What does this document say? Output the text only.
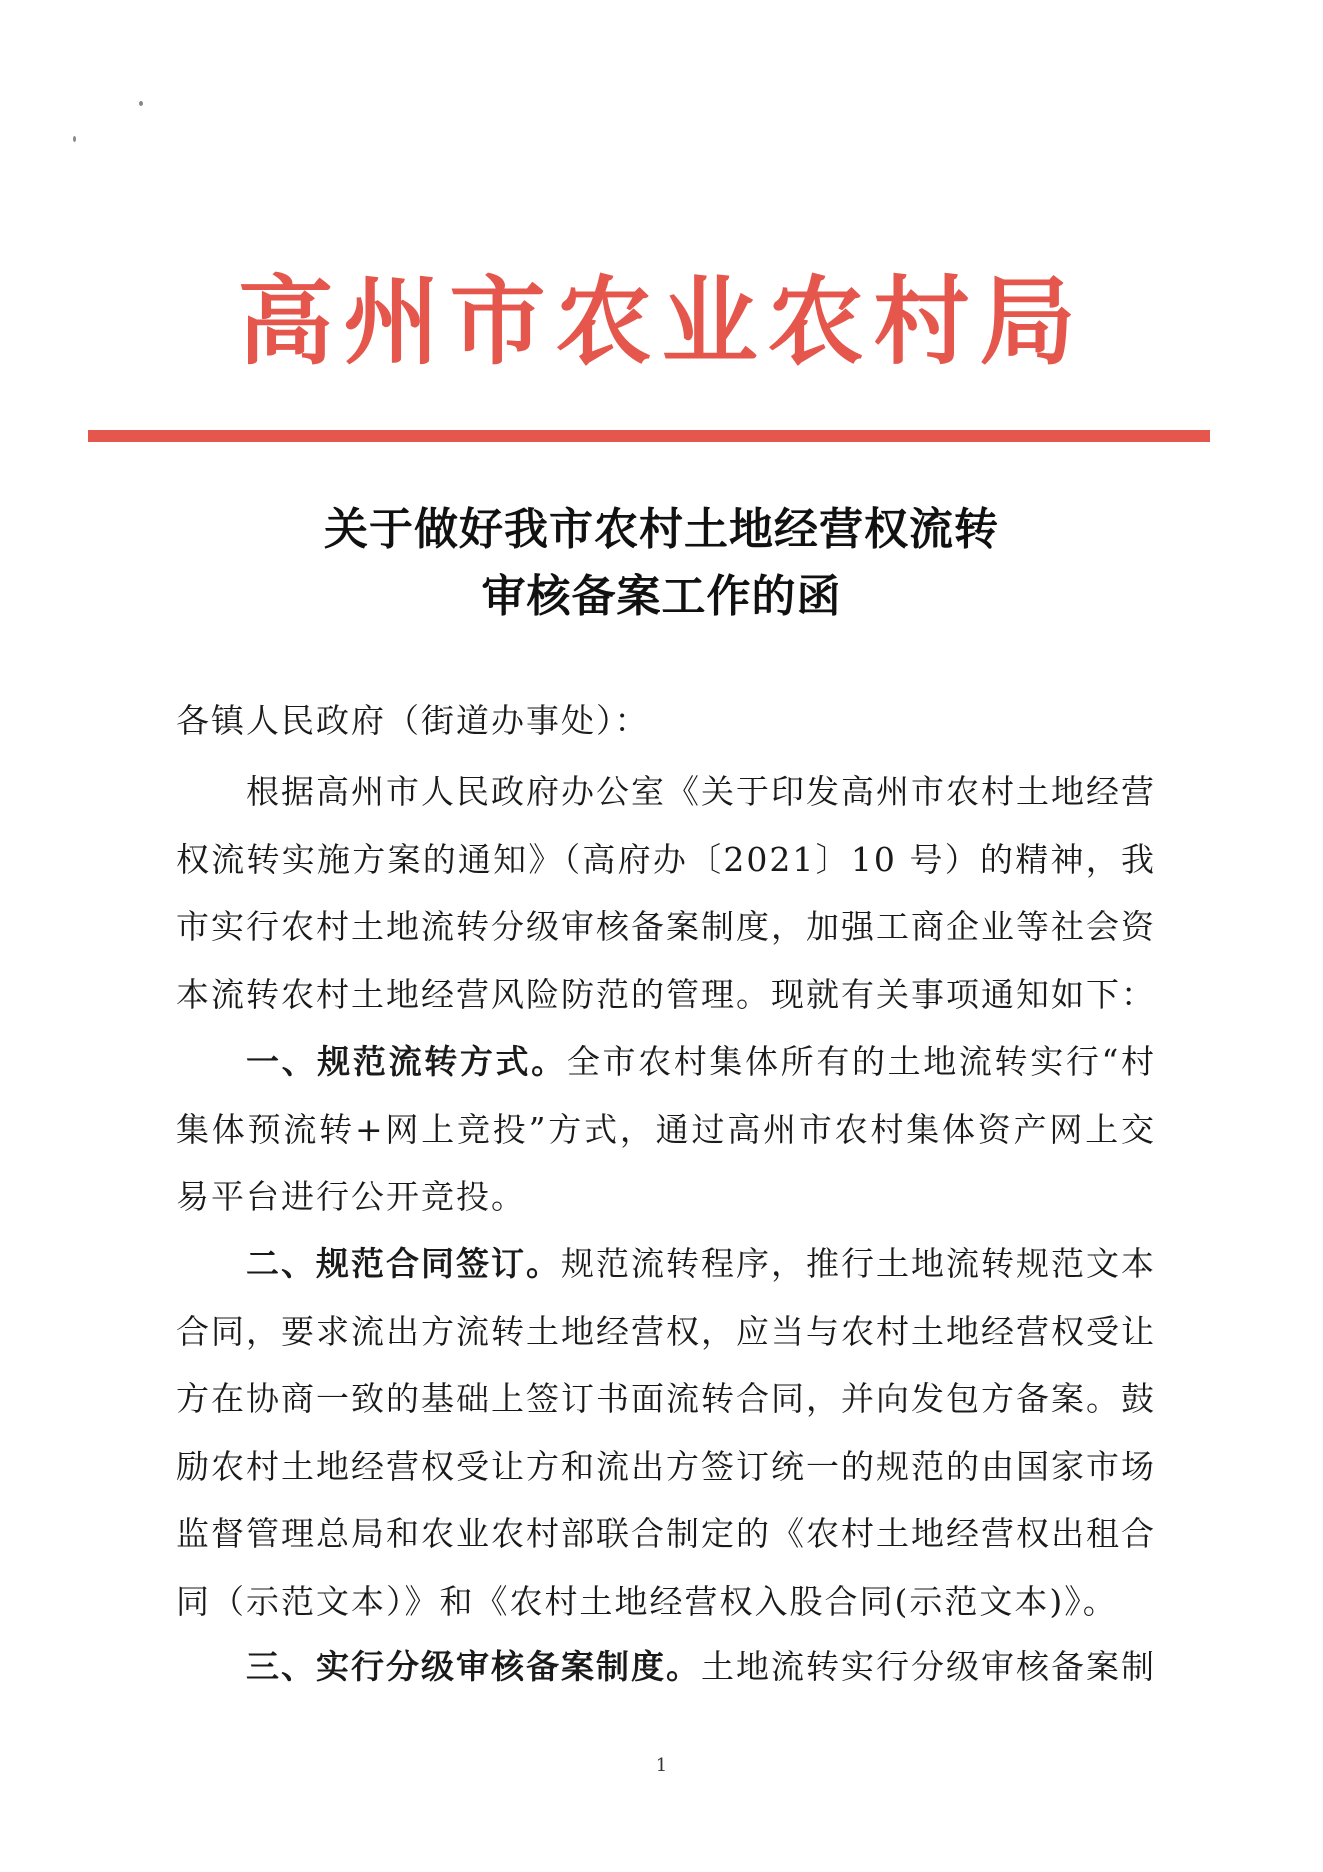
高州市农业农村局
关于做好我市农村土地经营权流转
审核备案工作的函
各镇人民政府（街道办事处）：

根据高州市人民政府办公室《关于印发高州市农村土地经营权流转实施方案的通知》（高府办〔2021〕10 号）的精神，我市实行农村土地流转分级审核备案制度，加强工商企业等社会资本流转农村土地经营风险防范的管理。现就有关事项通知如下：

一、规范流转方式。全市农村集体所有的土地流转实行“村集体预流转+网上竞投”方式，通过高州市农村集体资产网上交易平台进行公开竞投。

二、规范合同签订。规范流转程序，推行土地流转规范文本合同，要求流出方流转土地经营权，应当与农村土地经营权受让方在协商一致的基础上签订书面流转合同，并向发包方备案。鼓励农村土地经营权受让方和流出方签订统一的规范的由国家市场监督管理总局和农业农村部联合制定的《农村土地经营权出租合同（示范文本）》和《农村土地经营权入股合同(示范文本)》。

三、实行分级审核备案制度。土地流转实行分级审核备案制

1
